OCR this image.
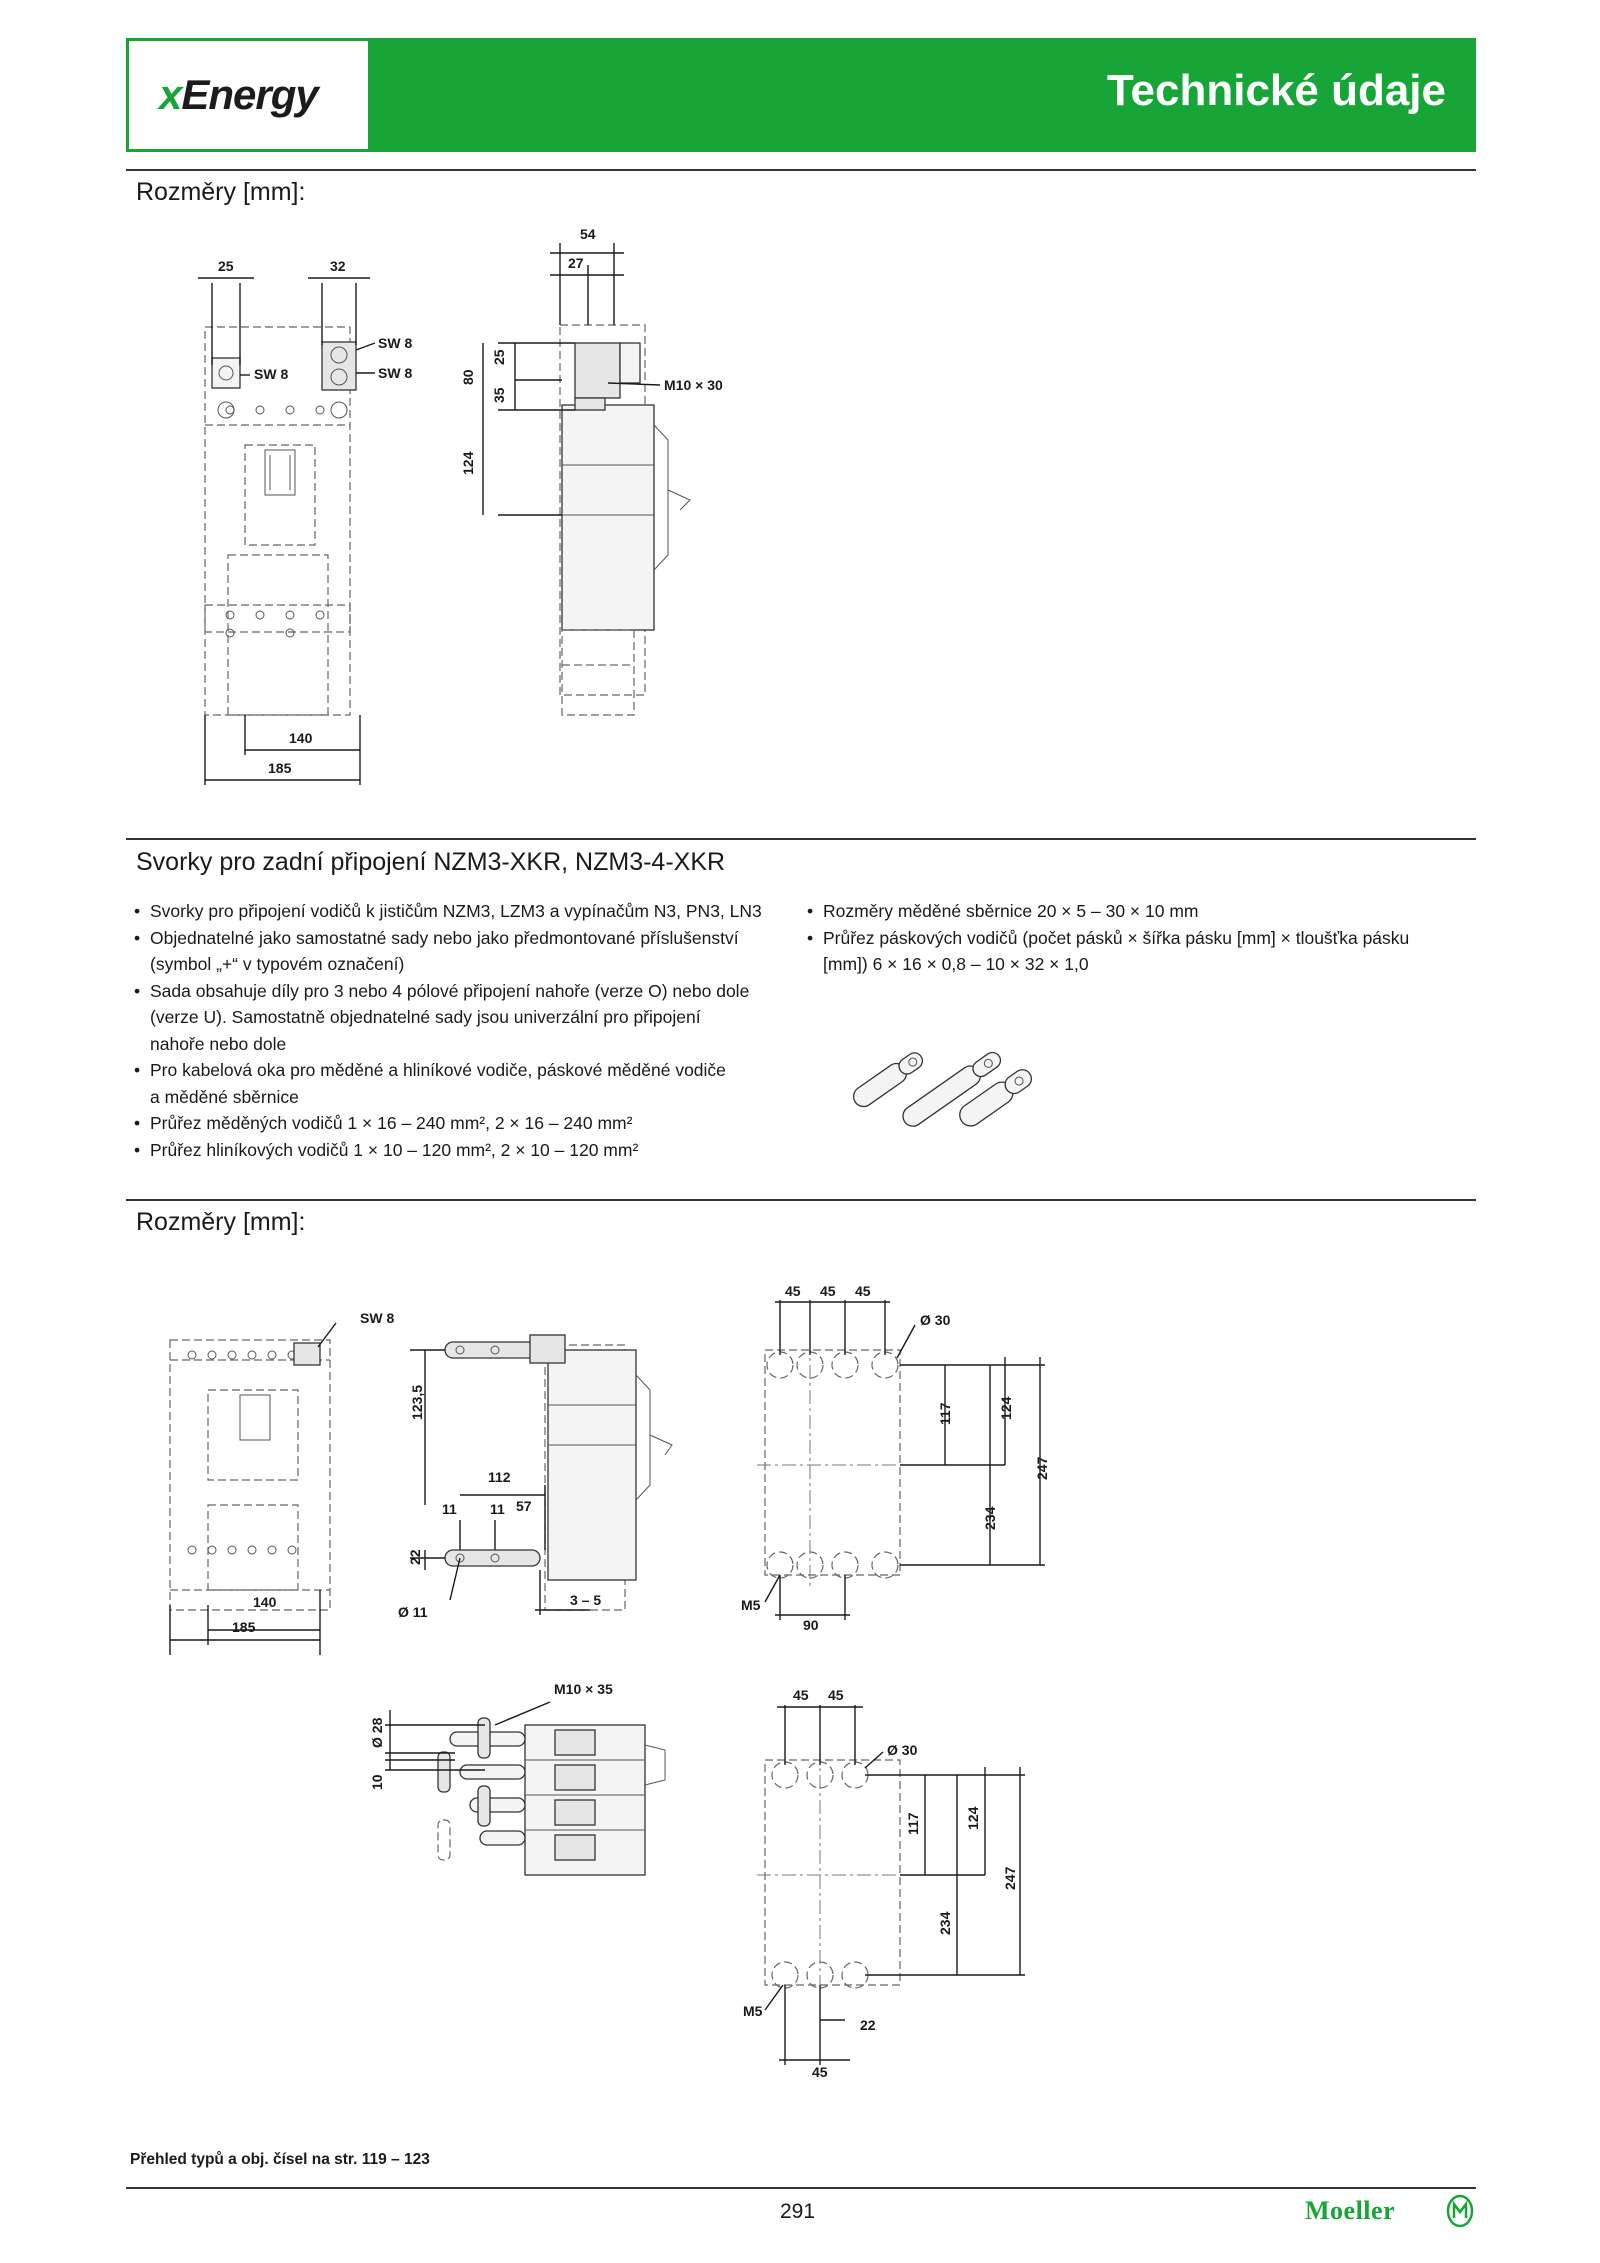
xEnergy	Technické údaje
Rozměry [mm]:
25	32
SW 8
SW 8
SW 8
140
185
54
27
80
25
35
124
M10 × 30
Svorky pro zadní připojení NZM3-XKR, NZM3-4-XKR
• Svorky pro připojení vodičů k jističům NZM3, LZM3 a vypínačům N3, PN3, LN3
• Objednatelné jako samostatné sady nebo jako předmontované příslušenství
(symbol „+“ v typovém označení)
• Sada obsahuje díly pro 3 nebo 4 pólové připojení nahoře (verze O) nebo dole
(verze U). Samostatně objednatelné sady jsou univerzální pro připojení
nahoře nebo dole
• Pro kabelová oka pro měděné a hliníkové vodiče, páskové měděné vodiče
a měděné sběrnice
• Průřez měděných vodičů 1 × 16 – 240 mm², 2 × 16 – 240 mm²
• Průřez hliníkových vodičů 1 × 10 – 120 mm², 2 × 10 – 120 mm²
• Rozměry měděné sběrnice 20 × 5 – 30 × 10 mm
• Průřez páskových vodičů (počet pásků × šířka pásku [mm] × tloušťka pásku
[mm]) 6 × 16 × 0,8 – 10 × 32 × 1,0
Rozměry [mm]:
SW 8
140
185
123,5
112
11 11 57
22
Ø 11
3 – 5
45 45 45
Ø 30
117
234
124
247
M5
90
M10 × 35
Ø 28
10
45 45
Ø 30
117
234
124
247
M5
22
45
Přehled typů a obj. čísel na str. 119 – 123
291	Moeller
